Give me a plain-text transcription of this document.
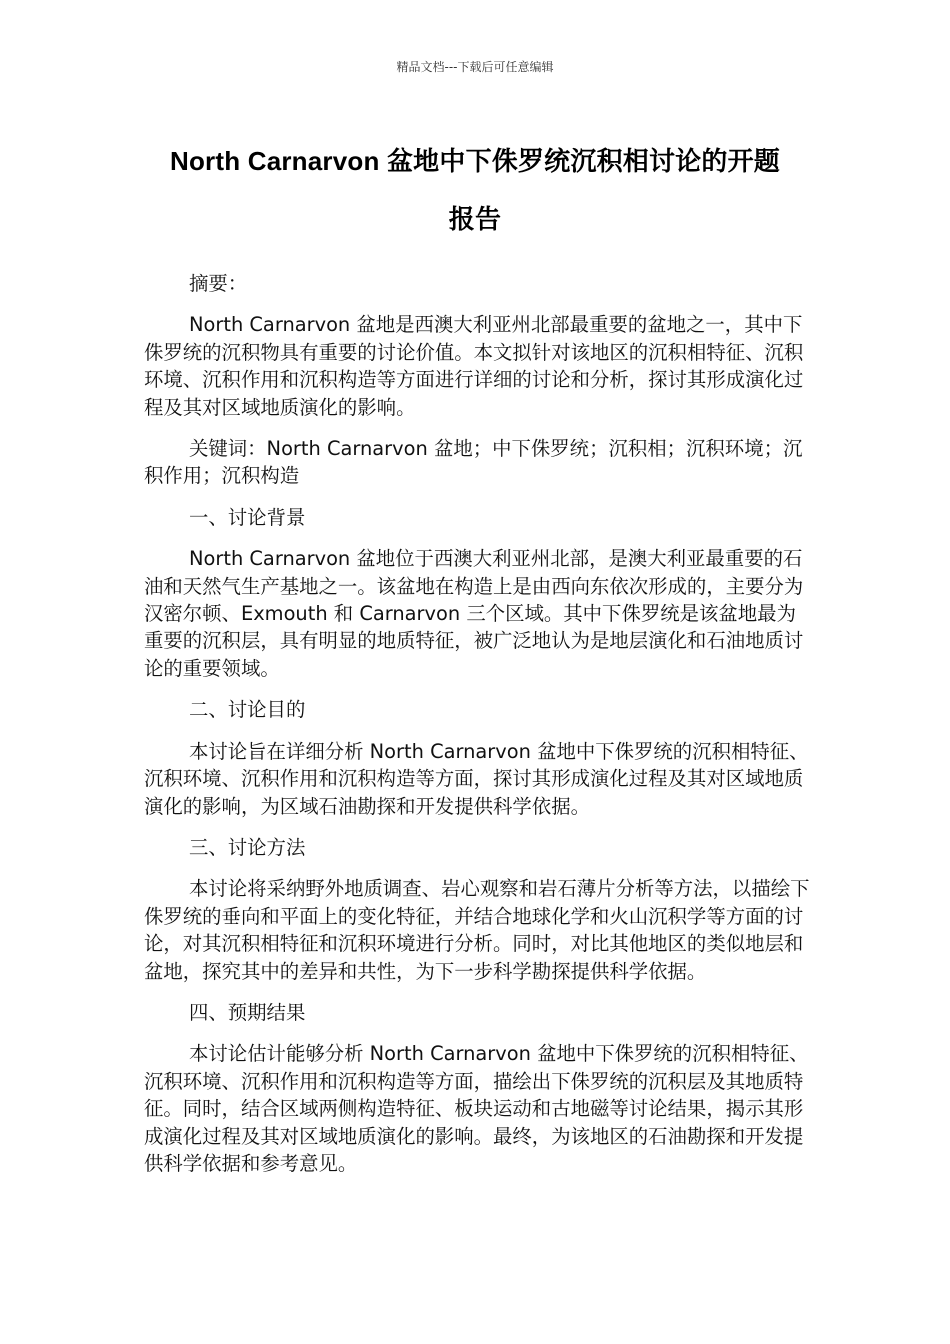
精品文档---下载后可任意编辑
North Carnarvon 盆地中下侏罗统沉积相讨论的开题
报告

摘要：

North Carnarvon 盆地是西澳大利亚州北部最重要的盆地之一，其中下侏罗统的沉积物具有重要的讨论价值。本文拟针对该地区的沉积相特征、沉积环境、沉积作用和沉积构造等方面进行详细的讨论和分析，探讨其形成演化过程及其对区域地质演化的影响。

关键词：North Carnarvon 盆地；中下侏罗统；沉积相；沉积环境；沉积作用；沉积构造

一、讨论背景

North Carnarvon 盆地位于西澳大利亚州北部，是澳大利亚最重要的石油和天然气生产基地之一。该盆地在构造上是由西向东依次形成的，主要分为汉密尔顿、Exmouth 和 Carnarvon 三个区域。其中下侏罗统是该盆地最为重要的沉积层，具有明显的地质特征，被广泛地认为是地层演化和石油地质讨论的重要领域。

二、讨论目的

本讨论旨在详细分析 North Carnarvon 盆地中下侏罗统的沉积相特征、沉积环境、沉积作用和沉积构造等方面，探讨其形成演化过程及其对区域地质演化的影响，为区域石油勘探和开发提供科学依据。

三、讨论方法

本讨论将采纳野外地质调查、岩心观察和岩石薄片分析等方法，以描绘下侏罗统的垂向和平面上的变化特征，并结合地球化学和火山沉积学等方面的讨论，对其沉积相特征和沉积环境进行分析。同时，对比其他地区的类似地层和盆地，探究其中的差异和共性，为下一步科学勘探提供科学依据。

四、预期结果

本讨论估计能够分析 North Carnarvon 盆地中下侏罗统的沉积相特征、沉积环境、沉积作用和沉积构造等方面，描绘出下侏罗统的沉积层及其地质特征。同时，结合区域两侧构造特征、板块运动和古地磁等讨论结果，揭示其形成演化过程及其对区域地质演化的影响。最终，为该地区的石油勘探和开发提供科学依据和参考意见。
